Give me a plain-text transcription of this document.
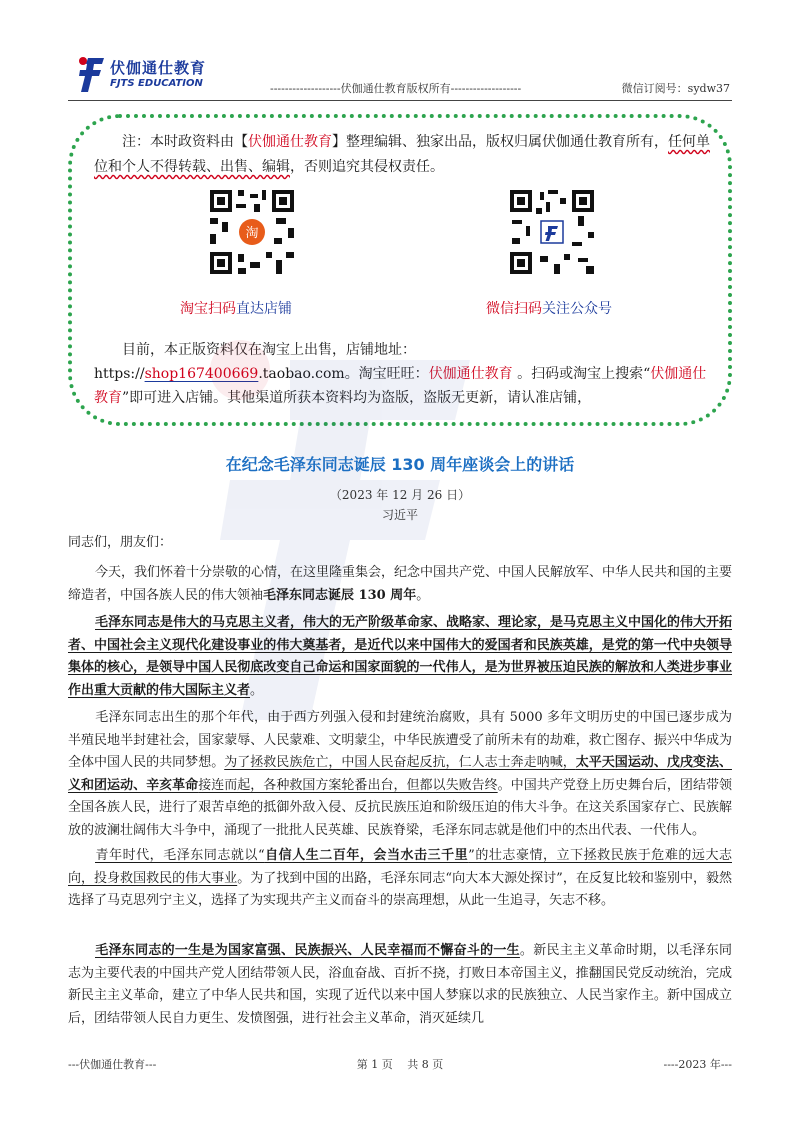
伏伽通仕教育
FJTS EDUCATION	-------------------伏伽通仕教育版权所有-------------------	微信订阅号：sydw37
注：本时政资料由【伏伽通仕教育】整理编辑、独家出品，版权归属伏伽通仕教育所有，任何单位和个人不得转载、出售、编辑，否则追究其侵权责任。
淘
淘宝扫码直达店铺	微信扫码关注公众号
目前，本正版资料仅在淘宝上出售，店铺地址：
https://shop167400669.taobao.com。淘宝旺旺：伏伽通仕教育 。扫码或淘宝上搜索“伏伽通仕教育”即可进入店铺。其他渠道所获本资料均为盗版，盗版无更新，请认准店铺，
在纪念毛泽东同志诞辰 130 周年座谈会上的讲话
（2023 年 12 月 26 日）
习近平
同志们，朋友们：
今天，我们怀着十分崇敬的心情，在这里隆重集会，纪念中国共产党、中国人民解放军、中华人民共和国的主要缔造者，中国各族人民的伟大领袖毛泽东同志诞辰 130 周年。
毛泽东同志是伟大的马克思主义者，伟大的无产阶级革命家、战略家、理论家，是马克思主义中国化的伟大开拓者、中国社会主义现代化建设事业的伟大奠基者，是近代以来中国伟大的爱国者和民族英雄，是党的第一代中央领导集体的核心，是领导中国人民彻底改变自己命运和国家面貌的一代伟人，是为世界被压迫民族的解放和人类进步事业作出重大贡献的伟大国际主义者。
毛泽东同志出生的那个年代，由于西方列强入侵和封建统治腐败，具有 5000 多年文明历史的中国已逐步成为半殖民地半封建社会，国家蒙辱、人民蒙难、文明蒙尘，中华民族遭受了前所未有的劫难，救亡图存、振兴中华成为全体中国人民的共同梦想。为了拯救民族危亡，中国人民奋起反抗，仁人志士奔走呐喊，太平天国运动、戊戌变法、义和团运动、辛亥革命接连而起，各种救国方案轮番出台，但都以失败告终。中国共产党登上历史舞台后，团结带领全国各族人民，进行了艰苦卓绝的抵御外敌入侵、反抗民族压迫和阶级压迫的伟大斗争。在这关系国家存亡、民族解放的波澜壮阔伟大斗争中，涌现了一批批人民英雄、民族脊梁，毛泽东同志就是他们中的杰出代表、一代伟人。
青年时代，毛泽东同志就以“自信人生二百年，会当水击三千里”的壮志豪情，立下拯救民族于危难的远大志向，投身救国救民的伟大事业。为了找到中国的出路，毛泽东同志“向大本大源处探讨”，在反复比较和鉴别中，毅然选择了马克思列宁主义，选择了为实现共产主义而奋斗的崇高理想，从此一生追寻，矢志不移。
毛泽东同志的一生是为国家富强、民族振兴、人民幸福而不懈奋斗的一生。新民主主义革命时期，以毛泽东同志为主要代表的中国共产党人团结带领人民，浴血奋战、百折不挠，打败日本帝国主义，推翻国民党反动统治，完成新民主主义革命，建立了中华人民共和国，实现了近代以来中国人梦寐以求的民族独立、人民当家作主。新中国成立后，团结带领人民自力更生、发愤图强，进行社会主义革命，消灭延续几
---伏伽通仕教育---	第 1 页　 共 8 页	----2023 年---
